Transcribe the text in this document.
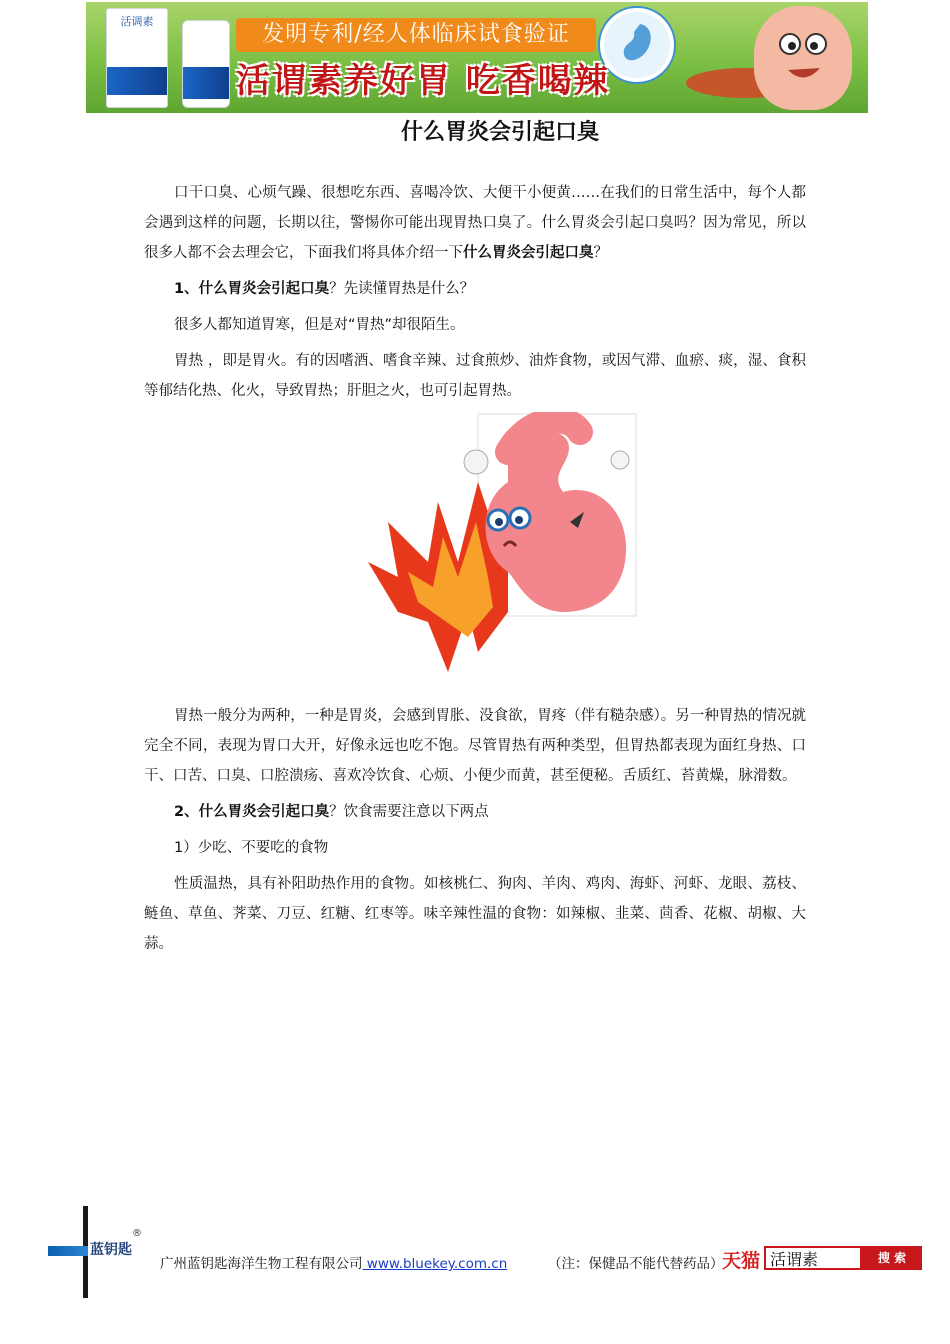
活调素
发明专利/经人体临床试食验证
活谓素养好胃 吃香喝辣
什么胃炎会引起口臭

口干口臭、心烦气躁、很想吃东西、喜喝冷饮、大便干小便黄……在我们的日常生活中，每个人都会遇到这样的问题，长期以往，警惕你可能出现胃热口臭了。什么胃炎会引起口臭吗？因为常见，所以很多人都不会去理会它，下面我们将具体介绍一下什么胃炎会引起口臭？

1、什么胃炎会引起口臭？先读懂胃热是什么？

很多人都知道胃寒，但是对“胃热”却很陌生。

胃热 ，即是胃火。有的因嗜酒、嗜食辛辣、过食煎炒、油炸食物，或因气滞、血瘀、痰，湿、食积等郁结化热、化火，导致胃热；肝胆之火，也可引起胃热。

胃热一般分为两种，一种是胃炎，会感到胃胀、没食欲，胃疼（伴有糙杂感）。另一种胃热的情况就完全不同，表现为胃口大开，好像永远也吃不饱。尽管胃热有两种类型，但胃热都表现为面红身热、口干、口苦、口臭、口腔溃疡、喜欢冷饮食、心烦、小便少而黄，甚至便秘。舌质红、苔黄燥，脉滑数。

2、什么胃炎会引起口臭？饮食需要注意以下两点

1）少吃、不要吃的食物

性质温热，具有补阳助热作用的食物。如核桃仁、狗肉、羊肉、鸡肉、海虾、河虾、龙眼、荔枝、鲢鱼、草鱼、荠菜、刀豆、红糖、红枣等。味辛辣性温的食物：如辣椒、韭菜、茴香、花椒、胡椒、大蒜。

蓝钥匙
®
广州蓝钥匙海洋生物工程有限公司 www.bluekey.com.cn	（注：保健品不能代替药品）
天猫 活谓素	搜 索
